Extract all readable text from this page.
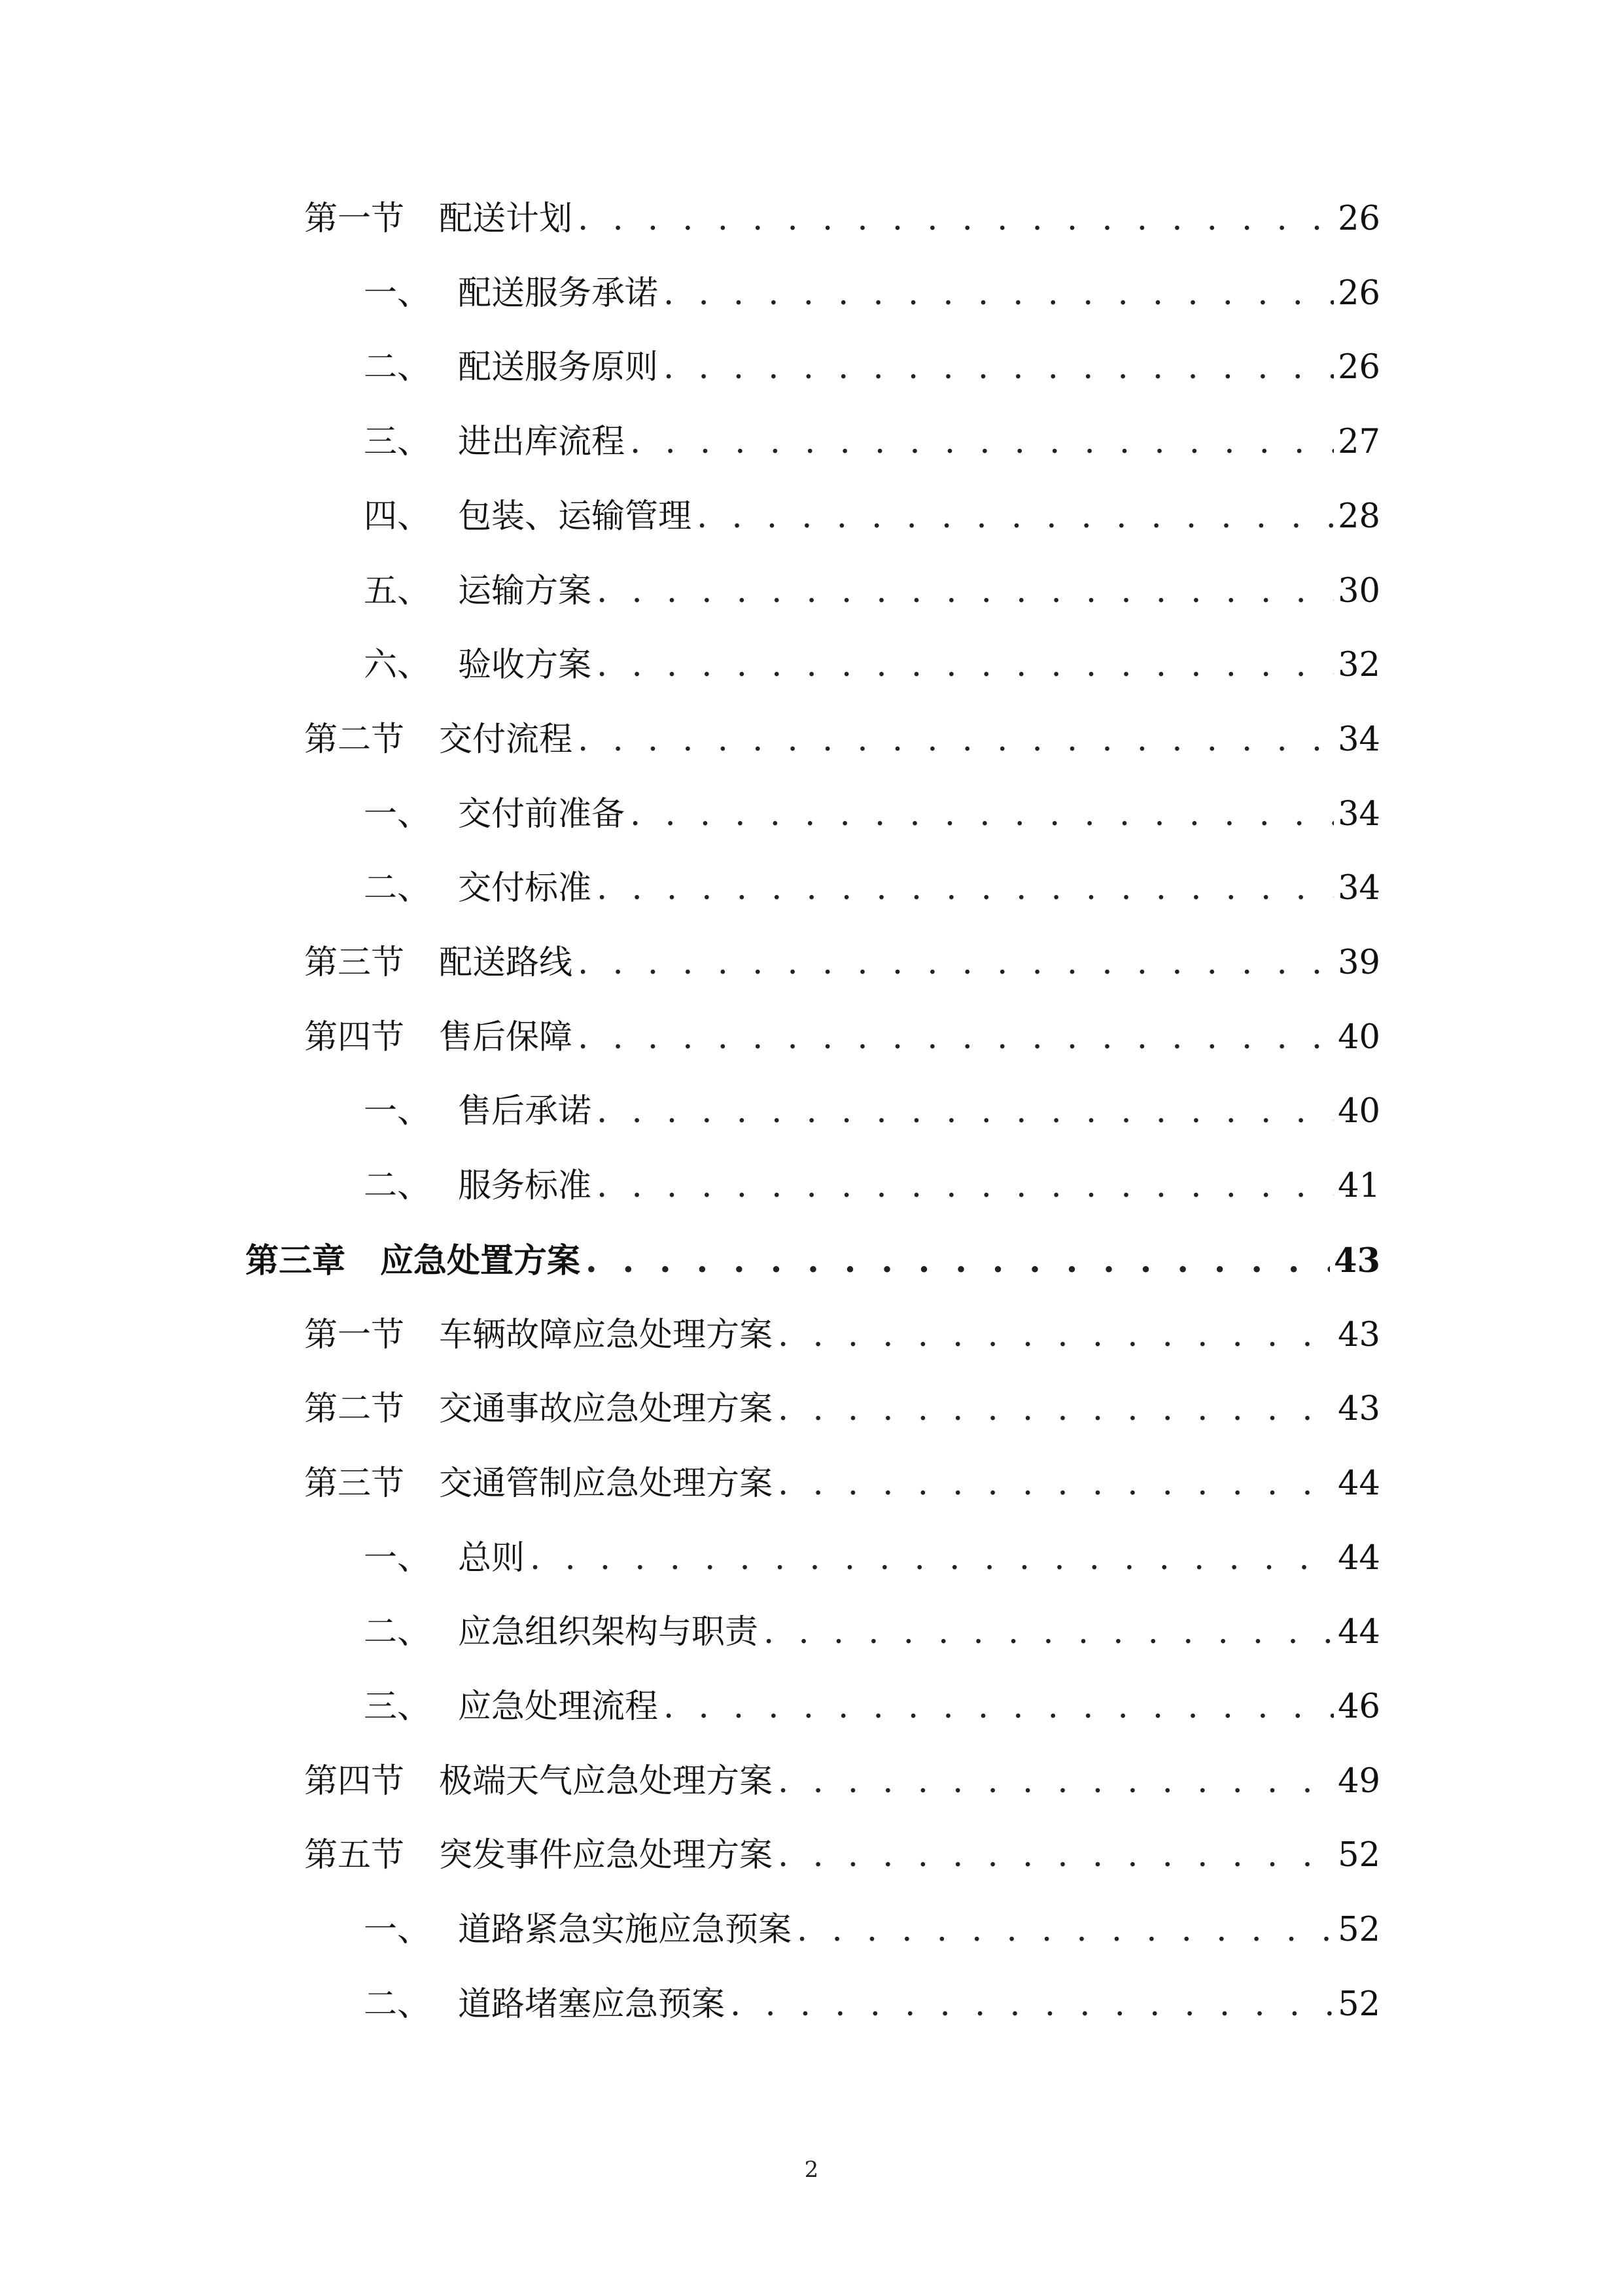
第一节	配送计划 . . .	26
一、 配送服务承诺 . . .	26
二、 配送服务原则 . . .	26
三、 进出库流程 . . .	27
四、 包装、运输管理 . . .	28
五、 运输方案 . . .	30
六、 验收方案 . . .	32
第二节	交付流程 . . .	34
一、 交付前准备 . . .	34
二、 交付标准 . . .	34
第三节	配送路线 . . .	39
第四节	售后保障 . . .	40
一、 售后承诺 . . .	40
二、 服务标准 . . .	41
第三章	应急处置方案 . . .	43
第一节	车辆故障应急处理方案 . . .	43
第二节	交通事故应急处理方案 . . .	43
第三节	交通管制应急处理方案 . . .	44
一、 总则 . . .	44
二、 应急组织架构与职责 . . .	44
三、 应急处理流程 . . .	46
第四节	极端天气应急处理方案 . . .	49
第五节	突发事件应急处理方案 . . .	52
一、 道路紧急实施应急预案 . . .	52
二、 道路堵塞应急预案 . . .	52
2
